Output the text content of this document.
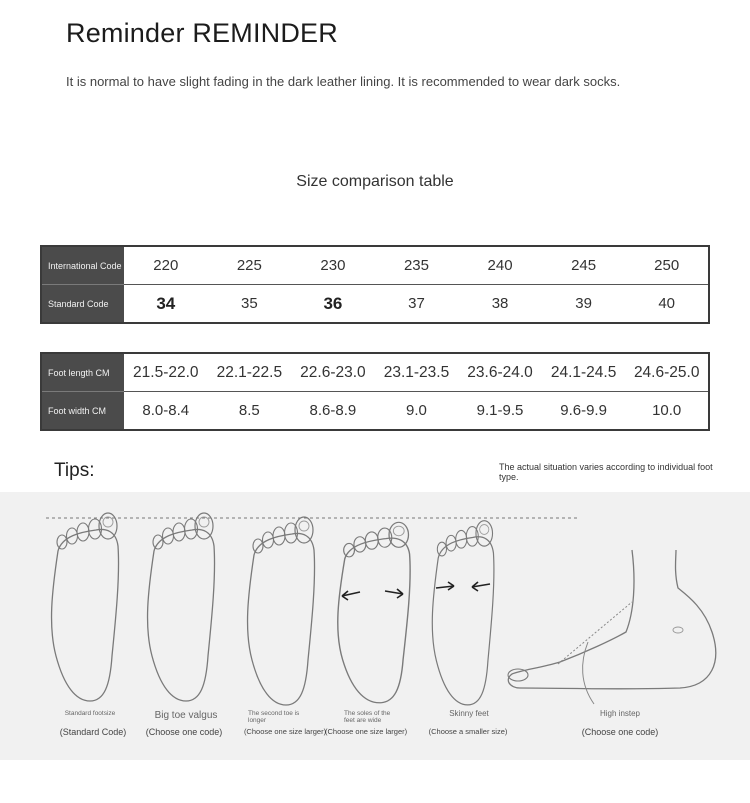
Reminder REMINDER
It is normal to have slight fading in the dark leather lining. It is recommended to wear dark socks.
Size comparison table
International Code	220	225	230	235	240	245	250
Standard Code	34	35	36	37	38	39	40
Foot length CM	21.5-22.0	22.1-22.5	22.6-23.0	23.1-23.5	23.6-24.0	24.1-24.5	24.6-25.0
Foot width CM	8.0-8.4	8.5	8.6-8.9	9.0	9.1-9.5	9.6-9.9	10.0
Tips:	The actual situation varies according to individual foot type.
Standard footsize
(Standard Code)
Big toe valgus
(Choose one code)
The second toe is longer
(Choose one size larger)
The soles of the feet are wide
(Choose one size larger)
Skinny feet
(Choose a smaller size)
High instep
(Choose one code)
